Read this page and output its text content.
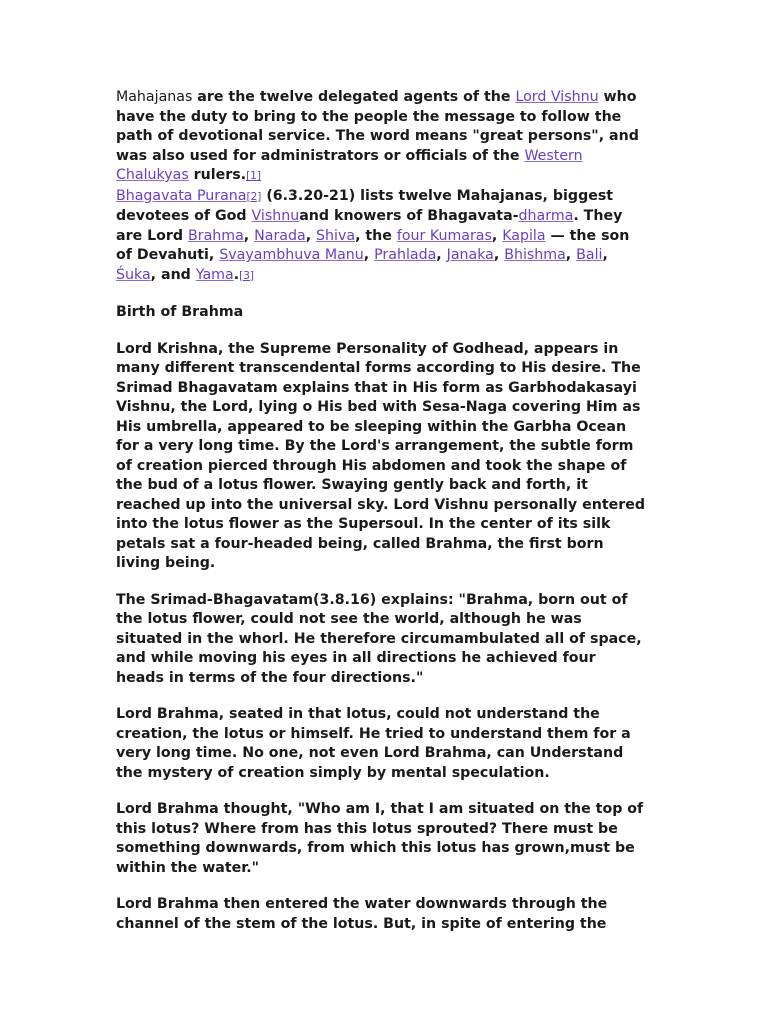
Mahajanas are the twelve delegated agents of the Lord Vishnu who have the duty to bring to the people the message to follow the path of devotional service. The word means "great persons", and was also used for administrators or officials of the Western Chalukyas rulers.[1]
Bhagavata Purana[2] (6.3.20-21) lists twelve Mahajanas, biggest devotees of God Vishnuand knowers of Bhagavata-dharma. They are Lord Brahma, Narada, Shiva, the four Kumaras, Kapila — the son of Devahuti, Svayambhuva Manu, Prahlada, Janaka, Bhishma, Bali, Śuka, and Yama.[3]

Birth of Brahma

Lord Krishna, the Supreme Personality of Godhead, appears in many different transcendental forms according to His desire. The Srimad Bhagavatam explains that in His form as Garbhodakasayi Vishnu, the Lord, lying o His bed with Sesa-Naga covering Him as His umbrella, appeared to be sleeping within the Garbha Ocean for a very long time. By the Lord's arrangement, the subtle form of creation pierced through His abdomen and took the shape of the bud of a lotus flower. Swaying gently back and forth, it reached up into the universal sky. Lord Vishnu personally entered into the lotus flower as the Supersoul. In the center of its silk petals sat a four-headed being, called Brahma, the first born living being.

The Srimad-Bhagavatam(3.8.16) explains: "Brahma, born out of the lotus flower, could not see the world, although he was situated in the whorl. He therefore circumambulated all of space, and while moving his eyes in all directions he achieved four heads in terms of the four directions."

Lord Brahma, seated in that lotus, could not understand the creation, the lotus or himself. He tried to understand them for a very long time. No one, not even Lord Brahma, can Understand the mystery of creation simply by mental speculation.

Lord Brahma thought, "Who am I, that I am situated on the top of this lotus? Where from has this lotus sprouted? There must be something downwards, from which this lotus has grown,must be within the water."

Lord Brahma then entered the water downwards through the channel of the stem of the lotus. But, in spite of entering the
